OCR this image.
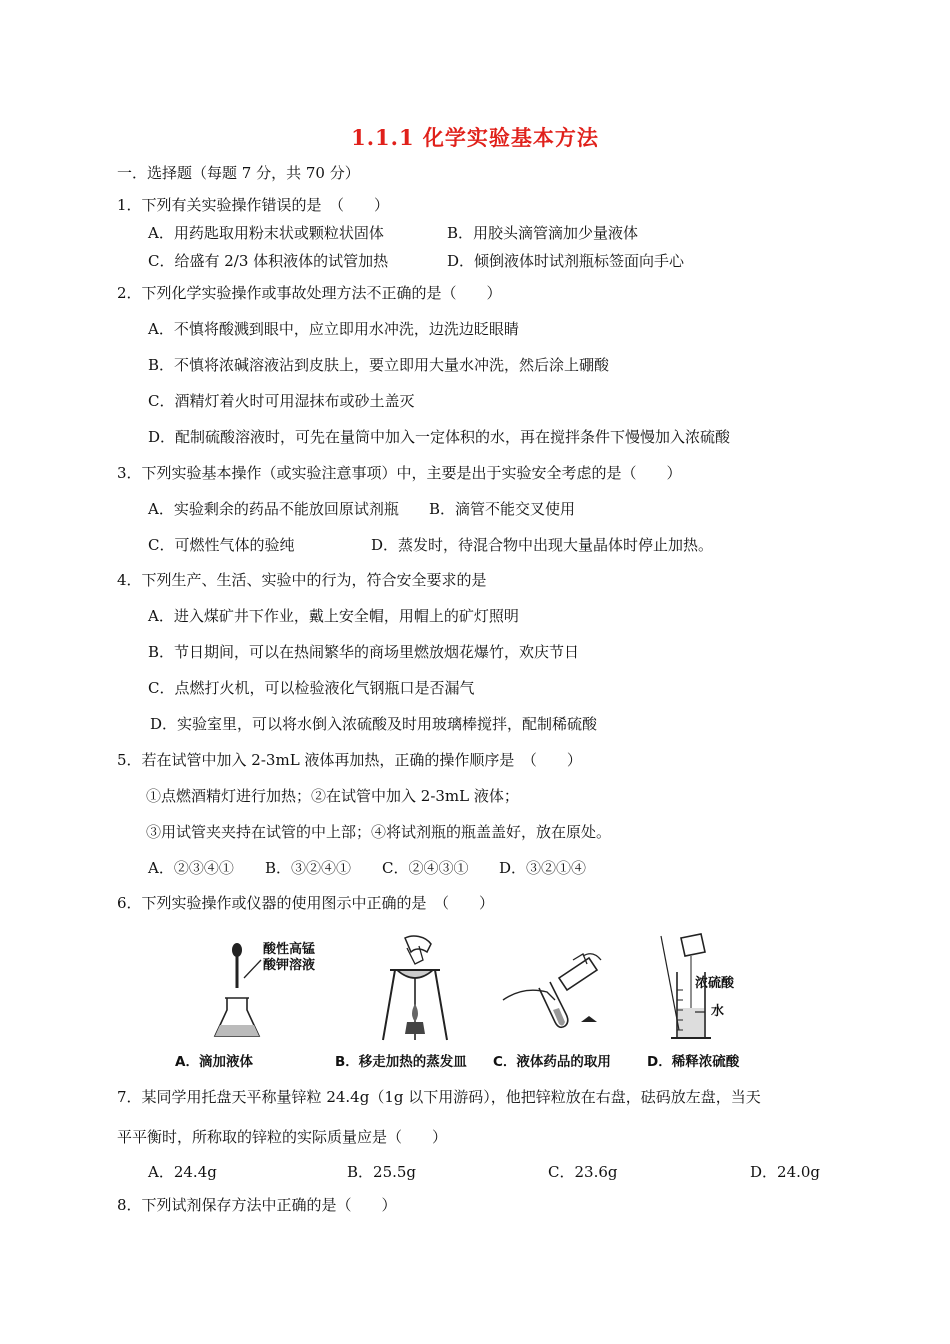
1.1.1 化学实验基本方法
一．选择题（每题 7 分，共 70 分）
1．下列有关实验操作错误的是　（　　）
A．用药匙取用粉末状或颗粒状固体	B．用胶头滴管滴加少量液体
C．给盛有 2/3 体积液体的试管加热	D．倾倒液体时试剂瓶标签面向手心
2．下列化学实验操作或事故处理方法不正确的是（　　）
A．不慎将酸溅到眼中，应立即用水冲洗，边洗边眨眼睛
B．不慎将浓碱溶液沾到皮肤上，要立即用大量水冲洗，然后涂上硼酸
C．酒精灯着火时可用湿抹布或砂土盖灭
D．配制硫酸溶液时，可先在量筒中加入一定体积的水，再在搅拌条件下慢慢加入浓硫酸
3．下列实验基本操作（或实验注意事项）中，主要是出于实验安全考虑的是（　　）
A．实验剩余的药品不能放回原试剂瓶 B．滴管不能交叉使用
C．可燃性气体的验纯	D．蒸发时，待混合物中出现大量晶体时停止加热。
4．下列生产、生活、实验中的行为，符合安全要求的是
A．进入煤矿井下作业，戴上安全帽，用帽上的矿灯照明
B．节日期间，可以在热闹繁华的商场里燃放烟花爆竹，欢庆节日
C．点燃打火机，可以检验液化气钢瓶口是否漏气
D．实验室里，可以将水倒入浓硫酸及时用玻璃棒搅拌，配制稀硫酸
5．若在试管中加入 2-3mL 液体再加热，正确的操作顺序是　（　　）
①点燃酒精灯进行加热；②在试管中加入 2-3mL 液体；
③用试管夹夹持在试管的中上部；④将试剂瓶的瓶盖盖好，放在原处。
A．②③④① B．③②④① C．②④③① D．③②①④
6．下列实验操作或仪器的使用图示中正确的是　（　　）
酸性高锰
酸钾溶液
A．滴加液体	B．移走加热的蒸发皿	C．液体药品的取用
浓硫酸
水
D．稀释浓硫酸
7．某同学用托盘天平称量锌粒 24.4g（1g 以下用游码），他把锌粒放在右盘，砝码放左盘，当天
平平衡时，所称取的锌粒的实际质量应是（　　）
A．24.4g	B．25.5g	C．23.6g	D．24.0g
8．下列试剂保存方法中正确的是（　　）
